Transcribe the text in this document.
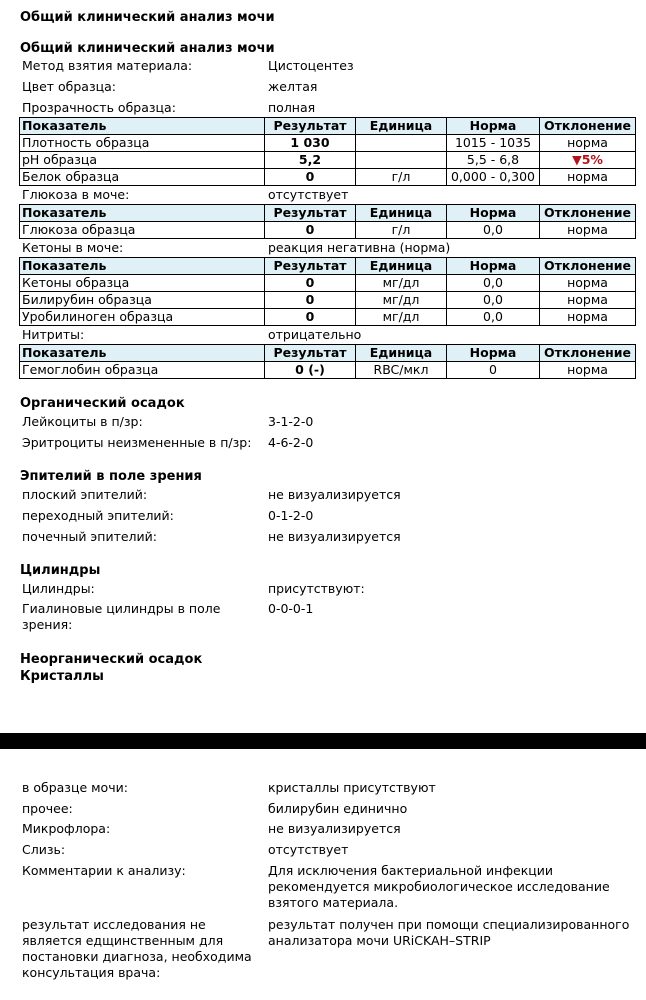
Общий клинический анализ мочи
Общий клинический анализ мочи
Метод взятия материала:	Цистоцентез
Цвет образца:	желтая
Прозрачность образца:	полная
Показатель	Результат	Единица	Норма	Отклонение
Плотность образца	1 030		1015 - 1035	норма
pH образца	5,2		5,5 - 6,8	▼5%
Белок образца	0	г/л	0,000 - 0,300	норма
Глюкоза в моче:	отсутствует
Показатель	Результат	Единица	Норма	Отклонение
Глюкоза образца	0	г/л	0,0	норма
Кетоны в моче:	реакция негативна (норма)
Показатель	Результат	Единица	Норма	Отклонение
Кетоны образца	0	мг/дл	0,0	норма
Билирубин образца	0	мг/дл	0,0	норма
Уробилиноген образца	0	мг/дл	0,0	норма
Нитриты:	отрицательно
Показатель	Результат	Единица	Норма	Отклонение
Гемоглобин образца	0 (-)	RBC/мкл	0	норма
Органический осадок
Лейкоциты в п/зр:	3-1-2-0
Эритроциты неизмененные в п/зр:	4-6-2-0
Эпителий в поле зрения
плоский эпителий:	не визуализируется
переходный эпителий:	0-1-2-0
почечный эпителий:	не визуализируется
Цилиндры
Цилиндры:	присутствуют:
Гиалиновые цилиндры в поле зрения:
0-0-0-1
Неорганический осадок
Кристаллы
в образце мочи:	кристаллы присутствуют
прочее:	билирубин единично
Микрофлора:	не визуализируется
Слизь:	отсутствует
Комментарии к анализу:	Для исключения бактериальной инфекции рекомендуется микробиологическое исследование взятого материала.
результат исследования не является едщинственным для постановки диагноза, необходима консультация врача:
результат получен при помощи специализированного анализатора мочи URiCKAH–STRIP
